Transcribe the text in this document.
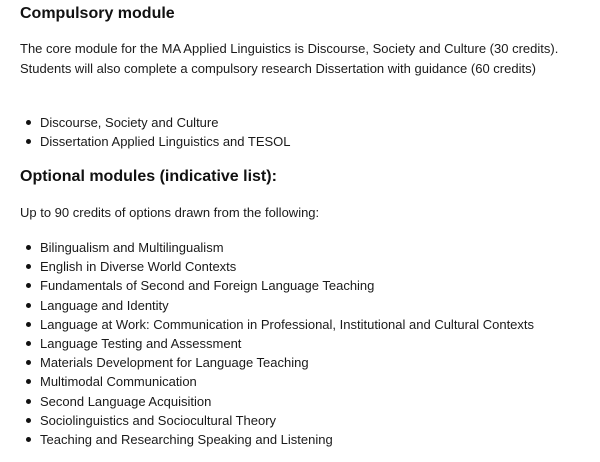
Compulsory module

The core module for the MA Applied Linguistics is Discourse, Society and Culture (30 credits). Students will also complete a compulsory research Dissertation with guidance (60 credits)

Discourse, Society and Culture
Dissertation Applied Linguistics and TESOL
Optional modules (indicative list):

Up to 90 credits of options drawn from the following:

Bilingualism and Multilingualism
English in Diverse World Contexts
Fundamentals of Second and Foreign Language Teaching
Language and Identity
Language at Work: Communication in Professional, Institutional and Cultural Contexts
Language Testing and Assessment
Materials Development for Language Teaching
Multimodal Communication
Second Language Acquisition
Sociolinguistics and Sociocultural Theory
Teaching and Researching Speaking and Listening
